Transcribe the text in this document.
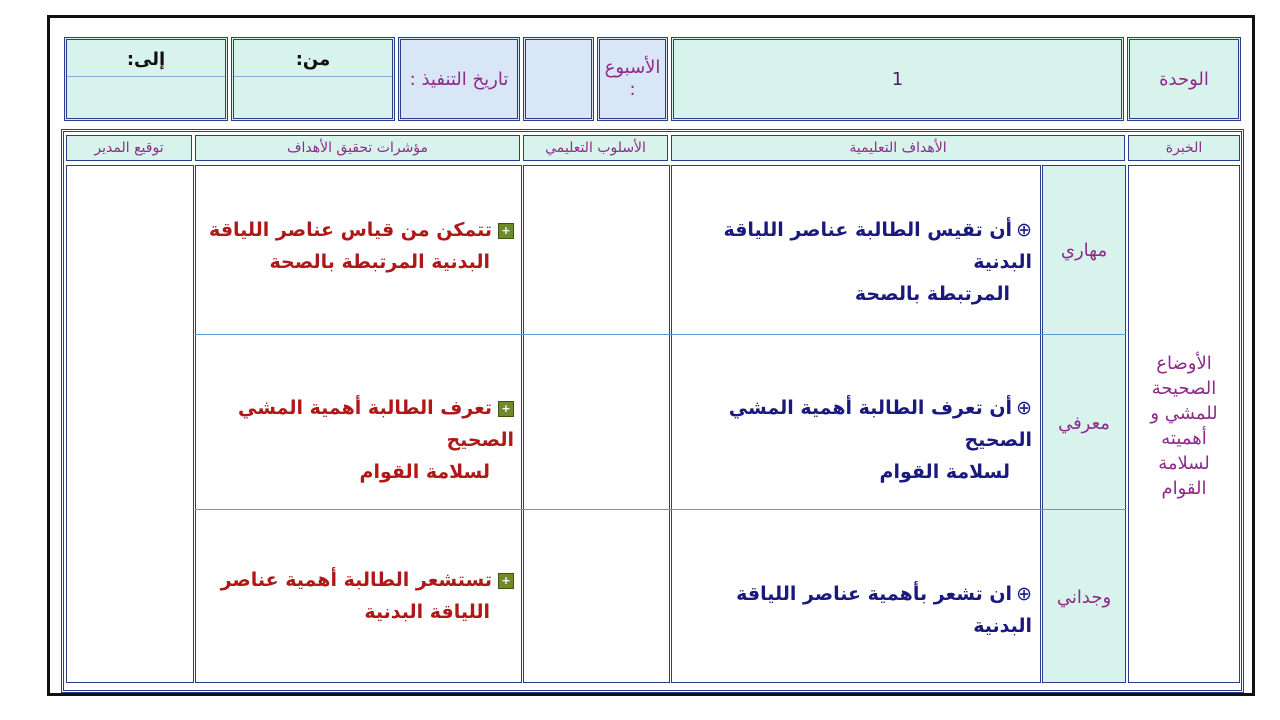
الوحدة
1
الأسبوع
:
تاريخ التنفيذ :
من:
إلى:
الخبرة
الأهداف التعليمية
الأسلوب التعليمي
مؤشرات تحقيق الأهداف
توقيع المدير
الأوضاع
الصحيحة
للمشي و
أهميته
لسلامة
القوام
مهاري
معرفي
وجداني
⊕أن تقيس الطالبة عناصر اللياقة البدنية
المرتبطة بالصحة
⊕أن تعرف الطالبة أهمية المشي الصحيح
لسلامة القوام
⊕ان تشعر بأهمية عناصر اللياقة البدنية
+تتمكن من قياس عناصر اللياقة
البدنية المرتبطة بالصحة
+تعرف الطالبة أهمية المشي الصحيح
لسلامة القوام
+تستشعر الطالبة أهمية عناصر
اللياقة البدنية
